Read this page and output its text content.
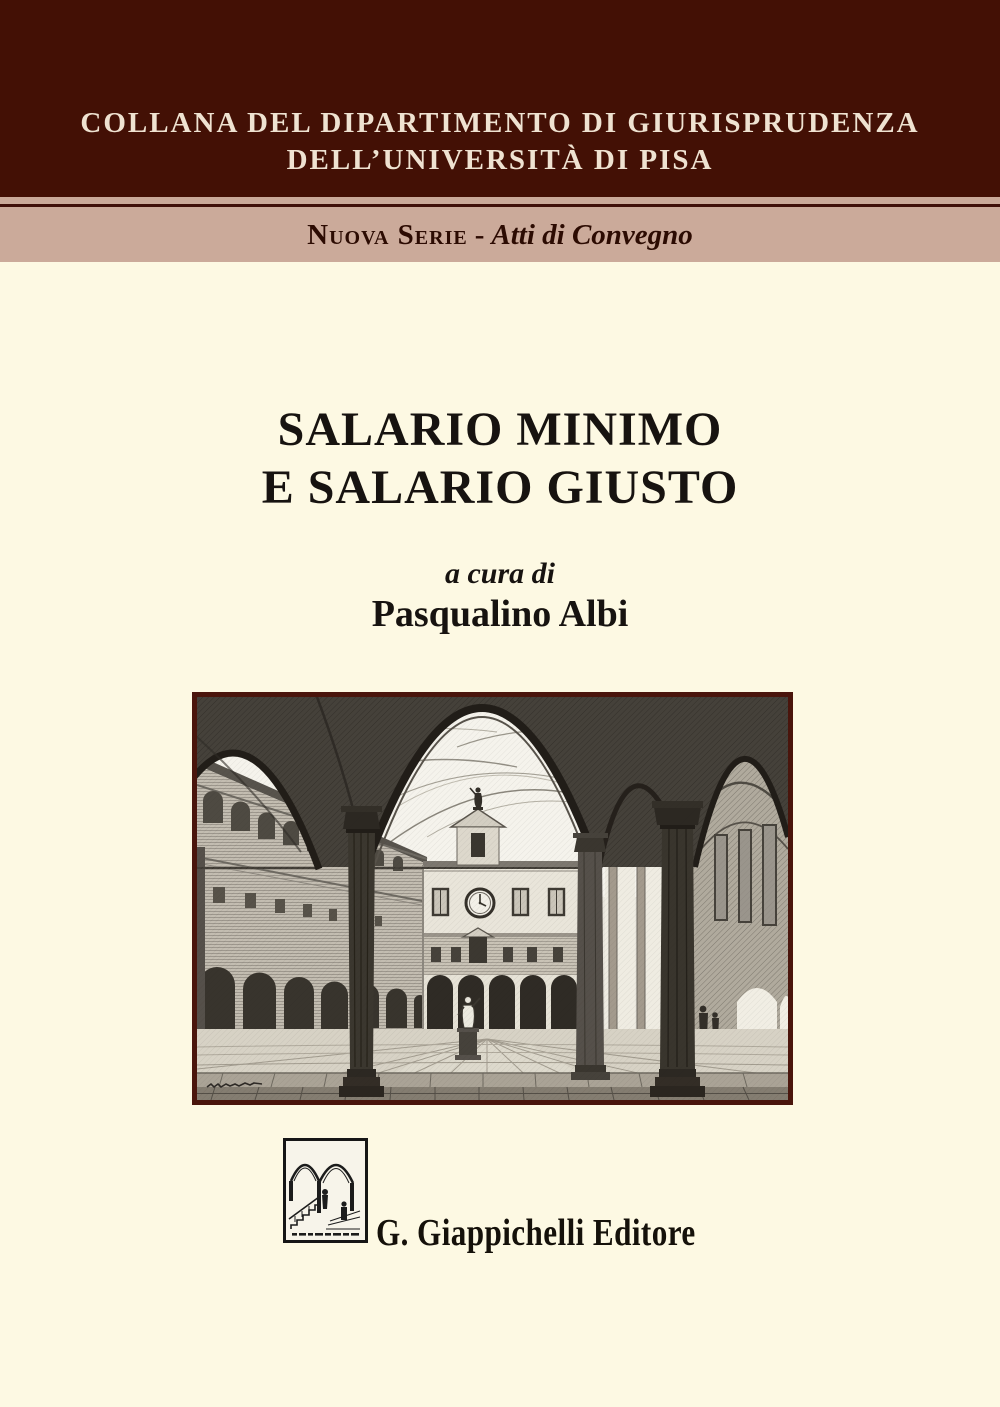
COLLANA DEL DIPARTIMENTO DI GIURISPRUDENZA
DELL’UNIVERSITÀ DI PISA
Nuova Serie - Atti di Convegno
SALARIO MINIMO
E SALARIO GIUSTO
a cura di
Pasqualino Albi
G. Giappichelli Editore
